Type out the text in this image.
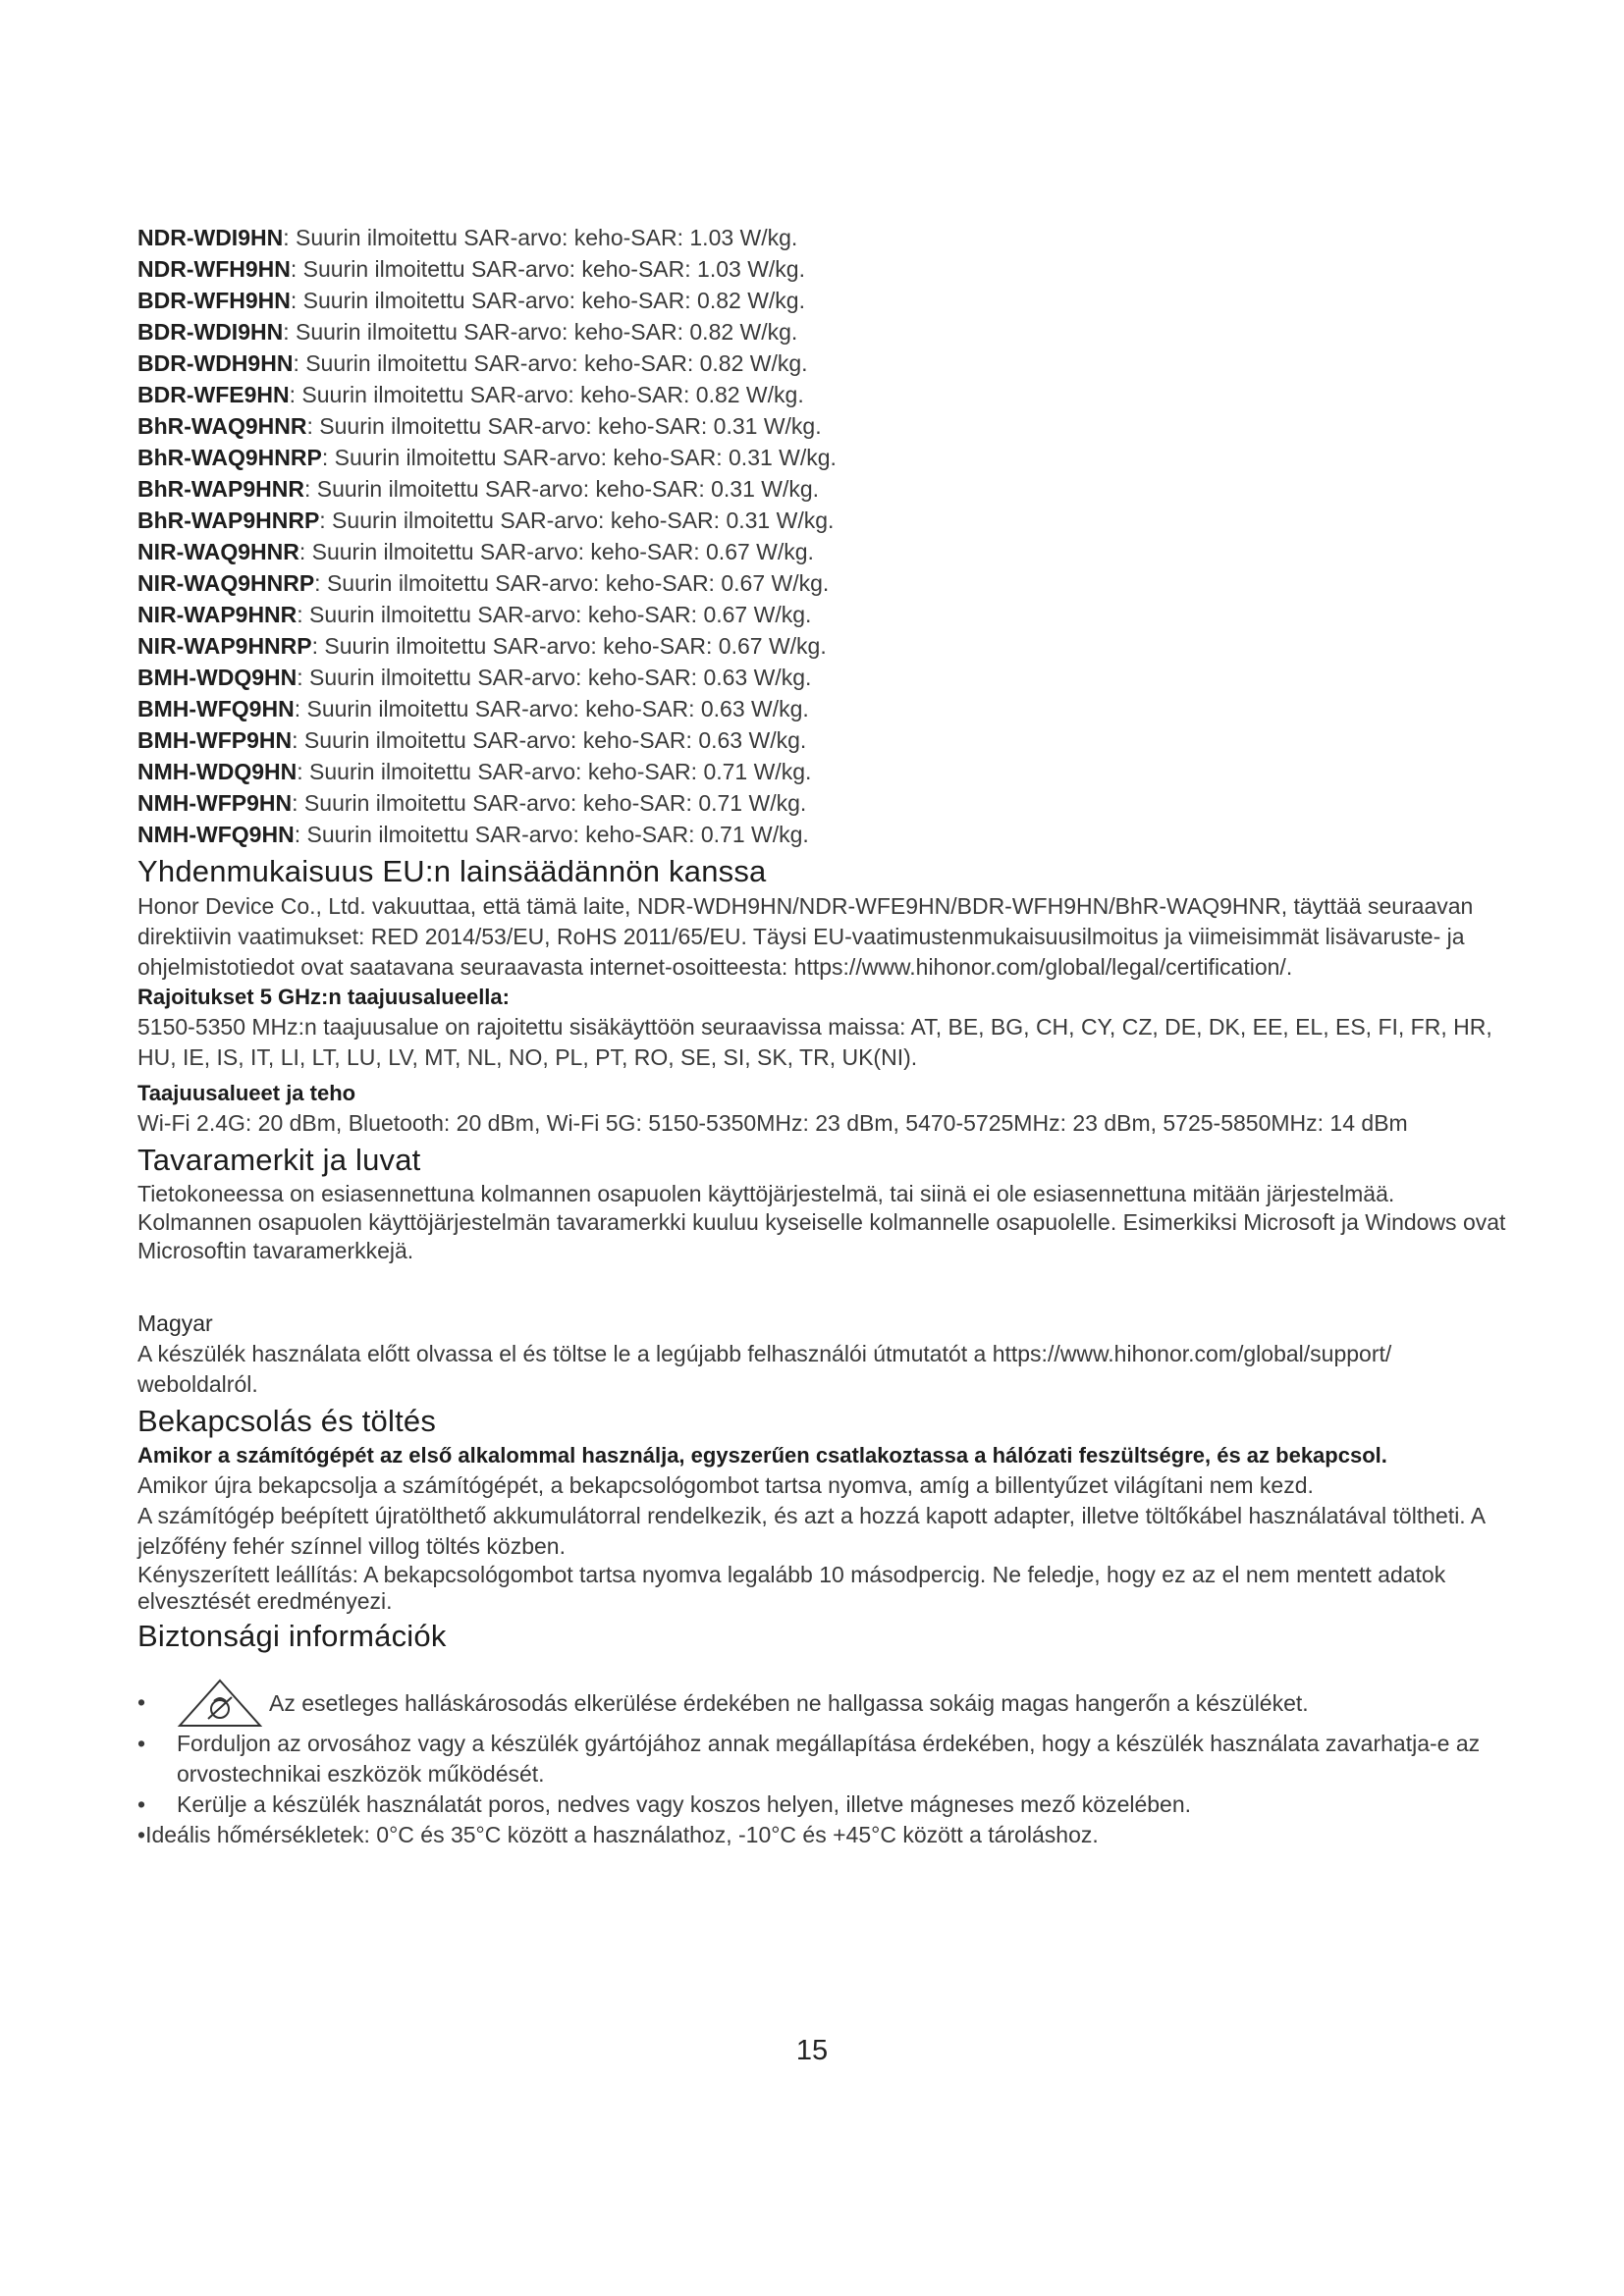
NDR-WDI9HN: Suurin ilmoitettu SAR-arvo: keho-SAR: 1.03 W/kg.
NDR-WFH9HN: Suurin ilmoitettu SAR-arvo: keho-SAR: 1.03 W/kg.
BDR-WFH9HN: Suurin ilmoitettu SAR-arvo: keho-SAR: 0.82 W/kg.
BDR-WDI9HN: Suurin ilmoitettu SAR-arvo: keho-SAR: 0.82 W/kg.
BDR-WDH9HN: Suurin ilmoitettu SAR-arvo: keho-SAR: 0.82 W/kg.
BDR-WFE9HN: Suurin ilmoitettu SAR-arvo: keho-SAR: 0.82 W/kg.
BhR-WAQ9HNR: Suurin ilmoitettu SAR-arvo: keho-SAR: 0.31 W/kg.
BhR-WAQ9HNRP: Suurin ilmoitettu SAR-arvo: keho-SAR: 0.31 W/kg.
BhR-WAP9HNR: Suurin ilmoitettu SAR-arvo: keho-SAR: 0.31 W/kg.
BhR-WAP9HNRP: Suurin ilmoitettu SAR-arvo: keho-SAR: 0.31 W/kg.
NIR-WAQ9HNR: Suurin ilmoitettu SAR-arvo: keho-SAR: 0.67 W/kg.
NIR-WAQ9HNRP: Suurin ilmoitettu SAR-arvo: keho-SAR: 0.67 W/kg.
NIR-WAP9HNR: Suurin ilmoitettu SAR-arvo: keho-SAR: 0.67 W/kg.
NIR-WAP9HNRP: Suurin ilmoitettu SAR-arvo: keho-SAR: 0.67 W/kg.
BMH-WDQ9HN: Suurin ilmoitettu SAR-arvo: keho-SAR: 0.63 W/kg.
BMH-WFQ9HN: Suurin ilmoitettu SAR-arvo: keho-SAR: 0.63 W/kg.
BMH-WFP9HN: Suurin ilmoitettu SAR-arvo: keho-SAR: 0.63 W/kg.
NMH-WDQ9HN: Suurin ilmoitettu SAR-arvo: keho-SAR: 0.71 W/kg.
NMH-WFP9HN: Suurin ilmoitettu SAR-arvo: keho-SAR: 0.71 W/kg.
NMH-WFQ9HN: Suurin ilmoitettu SAR-arvo: keho-SAR: 0.71 W/kg.
Yhdenmukaisuus EU:n lainsäädännön kanssa

Honor Device Co., Ltd. vakuuttaa, että tämä laite, NDR-WDH9HN/NDR-WFE9HN/BDR-WFH9HN/BhR-WAQ9HNR, täyttää seuraavan direktiivin vaatimukset: RED 2014/53/EU, RoHS 2011/65/EU. Täysi EU-vaatimustenmukaisuusilmoitus ja viimeisimmät lisävaruste- ja ohjelmistotiedot ovat saatavana seuraavasta internet-osoitteesta: https://www.hihonor.com/global/legal/certification/.

Rajoitukset 5 GHz:n taajuusalueella:

5150-5350 MHz:n taajuusalue on rajoitettu sisäkäyttöön seuraavissa maissa: AT, BE, BG, CH, CY, CZ, DE, DK, EE, EL, ES, FI, FR, HR, HU, IE, IS, IT, LI, LT, LU, LV, MT, NL, NO, PL, PT, RO, SE, SI, SK, TR, UK(NI).

Taajuusalueet ja teho

Wi-Fi 2.4G: 20 dBm, Bluetooth: 20 dBm, Wi-Fi 5G: 5150-5350MHz: 23 dBm, 5470-5725MHz: 23 dBm, 5725-5850MHz: 14 dBm

Tavaramerkit ja luvat

Tietokoneessa on esiasennettuna kolmannen osapuolen käyttöjärjestelmä, tai siinä ei ole esiasennettuna mitään järjestelmää. Kolmannen osapuolen käyttöjärjestelmän tavaramerkki kuuluu kyseiselle kolmannelle osapuolelle. Esimerkiksi Microsoft ja Windows ovat Microsoftin tavaramerkkejä.

Magyar

A készülék használata előtt olvassa el és töltse le a legújabb felhasználói útmutatót a https://www.hihonor.com/global/support/ weboldalról.

Bekapcsolás és töltés
Amikor a számítógépét az első alkalommal használja, egyszerűen csatlakoztassa a hálózati feszültségre, és az bekapcsol.

Amikor újra bekapcsolja a számítógépét, a bekapcsológombot tartsa nyomva, amíg a billentyűzet világítani nem kezd.

A számítógép beépített újratölthető akkumulátorral rendelkezik, és azt a hozzá kapott adapter, illetve töltőkábel használatával töltheti. A jelzőfény fehér színnel villog töltés közben.

Kényszerített leállítás: A bekapcsológombot tartsa nyomva legalább 10 másodpercig. Ne feledje, hogy ez az el nem mentett adatok elvesztését eredményezi.

Biztonsági információk
•	Az esetleges halláskárosodás elkerülése érdekében ne hallgassa sokáig magas hangerőn a készüléket.
• Forduljon az orvosához vagy a készülék gyártójához annak megállapítása érdekében, hogy a készülék használata zavarhatja-e az orvostechnikai eszközök működését.
• Kerülje a készülék használatát poros, nedves vagy koszos helyen, illetve mágneses mező közelében.
•Ideális hőmérsékletek: 0°C és 35°C között a használathoz, -10°C és +45°C között a tároláshoz.
15
